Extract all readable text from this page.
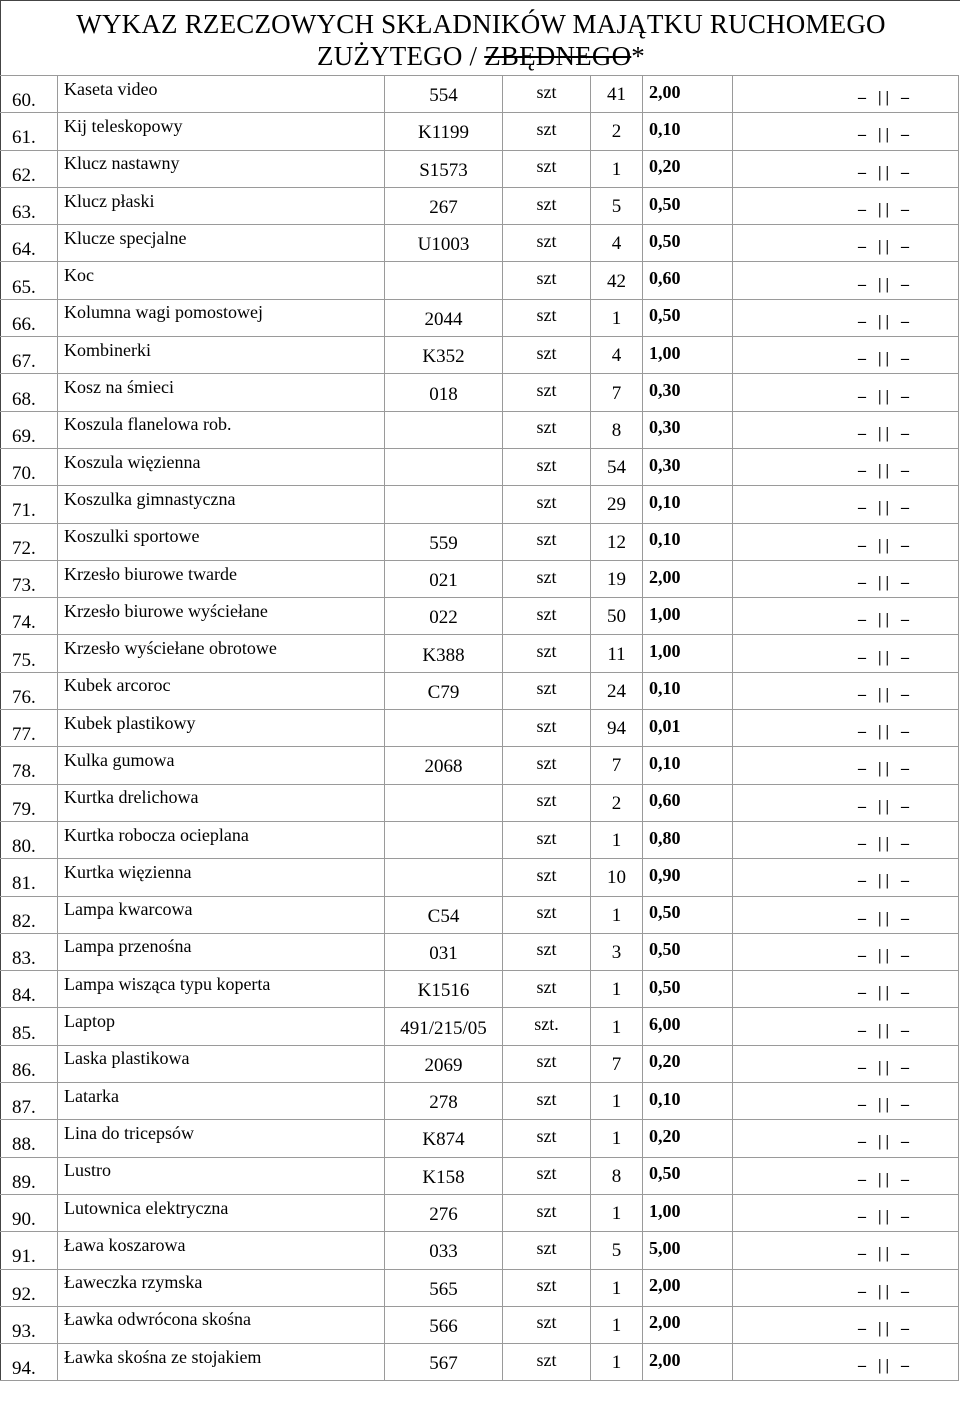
WYKAZ RZECZOWYCH SKŁADNIKÓW MAJĄTKU RUCHOMEGO
ZUŻYTEGO / ZBĘDNEGO*
60.	Kaseta video	554	szt	41	2,00	– || –
61.	Kij teleskopowy	K1199	szt	2	0,10	– || –
62.	Klucz nastawny	S1573	szt	1	0,20	– || –
63.	Klucz płaski	267	szt	5	0,50	– || –
64.	Klucze specjalne	U1003	szt	4	0,50	– || –
65.	Koc		szt	42	0,60	– || –
66.	Kolumna wagi pomostowej	2044	szt	1	0,50	– || –
67.	Kombinerki	K352	szt	4	1,00	– || –
68.	Kosz na śmieci	018	szt	7	0,30	– || –
69.	Koszula flanelowa rob.		szt	8	0,30	– || –
70.	Koszula więzienna		szt	54	0,30	– || –
71.	Koszulka gimnastyczna		szt	29	0,10	– || –
72.	Koszulki sportowe	559	szt	12	0,10	– || –
73.	Krzesło biurowe twarde	021	szt	19	2,00	– || –
74.	Krzesło biurowe wyściełane	022	szt	50	1,00	– || –
75.	Krzesło wyściełane obrotowe	K388	szt	11	1,00	– || –
76.	Kubek arcoroc	C79	szt	24	0,10	– || –
77.	Kubek plastikowy		szt	94	0,01	– || –
78.	Kulka gumowa	2068	szt	7	0,10	– || –
79.	Kurtka drelichowa		szt	2	0,60	– || –
80.	Kurtka robocza ocieplana		szt	1	0,80	– || –
81.	Kurtka więzienna		szt	10	0,90	– || –
82.	Lampa kwarcowa	C54	szt	1	0,50	– || –
83.	Lampa przenośna	031	szt	3	0,50	– || –
84.	Lampa wisząca typu koperta	K1516	szt	1	0,50	– || –
85.	Laptop	491/215/05	szt.	1	6,00	– || –
86.	Laska plastikowa	2069	szt	7	0,20	– || –
87.	Latarka	278	szt	1	0,10	– || –
88.	Lina do tricepsów	K874	szt	1	0,20	– || –
89.	Lustro	K158	szt	8	0,50	– || –
90.	Lutownica elektryczna	276	szt	1	1,00	– || –
91.	Ława koszarowa	033	szt	5	5,00	– || –
92.	Ławeczka rzymska	565	szt	1	2,00	– || –
93.	Ławka odwrócona skośna	566	szt	1	2,00	– || –
94.	Ławka skośna ze stojakiem	567	szt	1	2,00	– || –
